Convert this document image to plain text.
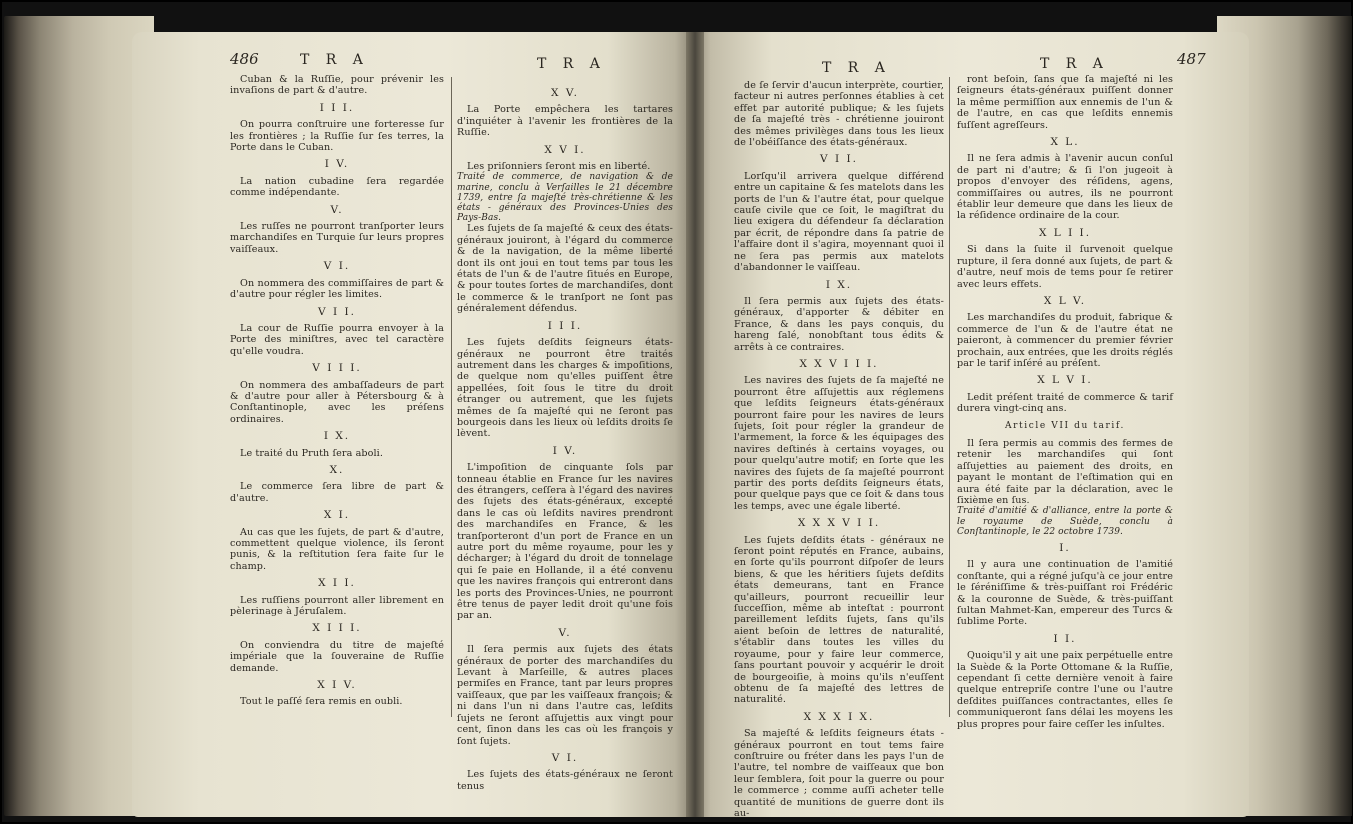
486	T R A	T R A	T R A	T R A	487

Cuban & la Ruſſie, pour prévenir les invaſions de part & d'autre.

I I I.

On pourra conſtruire une forteresse ſur les frontières ; la Ruſſie ſur ſes terres, la Porte dans le Cuban.

I V.

La nation cubadine ſera regardée comme indépendante.

V.

Les ruſſes ne pourront tranſporter leurs marchandiſes en Turquie ſur leurs propres vaiſſeaux.

V I.

On nommera des commiſſaires de part & d'autre pour régler les limites.

V I I.

La cour de Ruſſie pourra envoyer à la Porte des miniſtres, avec tel caractère qu'elle voudra.

V I I I.

On nommera des ambaſſadeurs de part & d'autre pour aller à Pétersbourg & à Conſtantinople, avec les préſens ordinaires.

I X.

Le traité du Pruth ſera aboli.

X.

Le commerce ſera libre de part & d'autre.

X I.

Au cas que les ſujets, de part & d'autre, commettent quelque violence, ils ſeront punis, & la reſtitution ſera faite ſur le champ.

X I I.

Les ruſſiens pourront aller librement en pèlerinage à Jéruſalem.

X I I I.

On conviendra du titre de majeſté impériale que la ſouveraine de Ruſſie demande.

X I V.

Tout le paſſé ſera remis en oubli.

X V.

La Porte empêchera les tartares d'inquiéter à l'avenir les frontières de la Ruſſie.

X V I.

Les priſonniers ſeront mis en liberté.

Traité de commerce, de navigation & de marine, conclu à Verſailles le 21 décembre 1739, entre ſa majeſté très-chrétienne & les états - généraux des Provinces-Unies des Pays-Bas.

Les ſujets de ſa majeſté & ceux des états-généraux jouiront, à l'égard du commerce & de la navigation, de la même liberté dont ils ont joui en tout tems par tous les états de l'un & de l'autre ſitués en Europe, & pour toutes ſortes de marchandiſes, dont le commerce & le tranſport ne ſont pas généralement défendus.

I I I.

Les ſujets deſdits ſeigneurs états-généraux ne pourront être traités autrement dans les charges & impoſitions, de quelque nom qu'elles puiſſent être appellées, ſoit ſous le titre du droit étranger ou autrement, que les ſujets mêmes de ſa majeſté qui ne ſeront pas bourgeois dans les lieux où leſdits droits ſe lèvent.

I V.

L'impoſition de cinquante ſols par tonneau établie en France ſur les navires des étrangers, ceſſera à l'égard des navires des ſujets des états-généraux, excepté dans le cas où leſdits navires prendront des marchandiſes en France, & les tranſporteront d'un port de France en un autre port du même royaume, pour les y décharger; à l'égard du droit de tonnelage qui ſe paie en Hollande, il a été convenu que les navires françois qui entreront dans les ports des Provinces-Unies, ne pourront être tenus de payer ledit droit qu'une fois par an.

V.

Il ſera permis aux ſujets des états généraux de porter des marchandiſes du Levant à Marſeille, & autres places permiſes en France, tant par leurs propres vaiſſeaux, que par les vaiſſeaux françois; & ni dans l'un ni dans l'autre cas, leſdits ſujets ne ſeront aſſujettis aux vingt pour cent, ſinon dans les cas où les françois y ſont ſujets.

V I.

Les ſujets des états-généraux ne ſeront tenus

de ſe ſervir d'aucun interprète, courtier, facteur ni autres perſonnes établies à cet effet par autorité publique; & les ſujets de ſa majeſté très - chrétienne jouiront des mêmes privilèges dans tous les lieux de l'obéiſſance des états-généraux.

V I I.

Lorſqu'il arrivera quelque différend entre un capitaine & ſes matelots dans les ports de l'un & l'autre état, pour quelque cauſe civile que ce ſoit, le magiſtrat du lieu exigera du défendeur ſa déclaration par écrit, de répondre dans ſa patrie de l'affaire dont il s'agira, moyennant quoi il ne ſera pas permis aux matelots d'abandonner le vaiſſeau.

I X.

Il ſera permis aux ſujets des états-généraux, d'apporter & débiter en France, & dans les pays conquis, du hareng ſalé, nonobſtant tous édits & arrêts à ce contraires.

X X V I I I.

Les navires des ſujets de ſa majeſté ne pourront être aſſujettis aux réglemens que leſdits ſeigneurs états-généraux pourront faire pour les navires de leurs ſujets, ſoit pour régler la grandeur de l'armement, la force & les équipages des navires deſtinés à certains voyages, ou pour quelqu'autre motif; en ſorte que les navires des ſujets de ſa majeſté pourront partir des ports deſdits ſeigneurs états, pour quelque pays que ce ſoit & dans tous les temps, avec une égale liberté.

X X X V I I.

Les ſujets deſdits états - généraux ne ſeront point réputés en France, aubains, en ſorte qu'ils pourront diſpoſer de leurs biens, & que les héritiers ſujets deſdits états demeurans, tant en France qu'ailleurs, pourront recueillir leur ſucceſſion, même ab inteſtat : pourront pareillement leſdits ſujets, ſans qu'ils aient beſoin de lettres de naturalité, s'établir dans toutes les villes du royaume, pour y faire leur commerce, ſans pourtant pouvoir y acquérir le droit de bourgeoiſie, à moins qu'ils n'euſſent obtenu de ſa majeſté des lettres de naturalité.

X X X I X.

Sa majeſté & leſdits ſeigneurs états - généraux pourront en tout tems faire conſtruire ou fréter dans les pays l'un de l'autre, tel nombre de vaiſſeaux que bon leur ſemblera, ſoit pour la guerre ou pour le commerce ; comme auſſi acheter telle quantité de munitions de guerre dont ils au-

ront beſoin, ſans que ſa majeſté ni les ſeigneurs états-généraux puiſſent donner la même permiſſion aux ennemis de l'un & de l'autre, en cas que leſdits ennemis fuſſent agreſſeurs.

X L.

Il ne ſera admis à l'avenir aucun conſul de part ni d'autre; & ſi l'on jugeoit à propos d'envoyer des réſidens, agens, commiſſaires ou autres, ils ne pourront établir leur demeure que dans les lieux de la réſidence ordinaire de la cour.

X L I I.

Si dans la ſuite il ſurvenoit quelque rupture, il ſera donné aux ſujets, de part & d'autre, neuf mois de tems pour ſe retirer avec leurs effets.

X L V.

Les marchandiſes du produit, fabrique & commerce de l'un & de l'autre état ne paieront, à commencer du premier février prochain, aux entrées, que les droits réglés par le tarif inſéré au préſent.

X L V I.

Ledit préſent traité de commerce & tarif durera vingt-cinq ans.

Article VII du tarif.

Il ſera permis au commis des fermes de retenir les marchandiſes qui ſont aſſujetties au paiement des droits, en payant le montant de l'eſtimation qui en aura été faite par la déclaration, avec le ſixième en ſus.

Traité d'amitié & d'alliance, entre la porte & le royaume de Suède, conclu à Conſtantinople, le 22 octobre 1739.

I.

Il y aura une continuation de l'amitié conſtante, qui a régné juſqu'à ce jour entre le ſéréniſſime & très-puiſſant roi Frédéric & la couronne de Suède, & très-puiſſant ſultan Mahmet-Kan, empereur des Turcs & ſublime Porte.

I I.

Quoiqu'il y ait une paix perpétuelle entre la Suède & la Porte Ottomane & la Ruſſie, cependant ſi cette dernière venoit à faire quelque entrepriſe contre l'une ou l'autre deſdites puiſſances contractantes, elles ſe communiqueront ſans délai les moyens les plus propres pour faire ceſſer les inſultes.
